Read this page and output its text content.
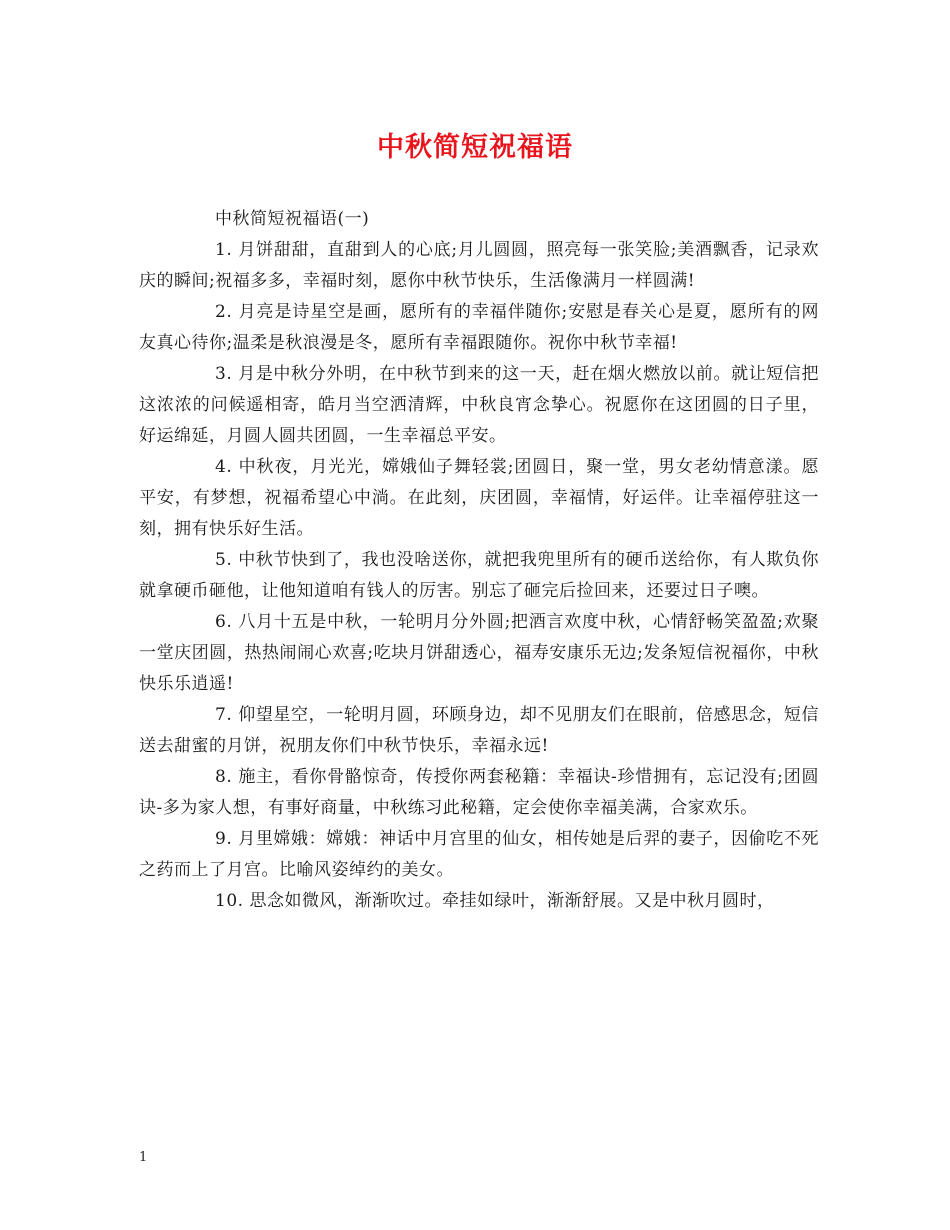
中秋简短祝福语

中秋简短祝福语(一)

1. 月饼甜甜，直甜到人的心底;月儿圆圆，照亮每一张笑脸;美酒飘香，记录欢庆的瞬间;祝福多多，幸福时刻，愿你中秋节快乐，生活像满月一样圆满!

2. 月亮是诗星空是画，愿所有的幸福伴随你;安慰是春关心是夏，愿所有的网友真心待你;温柔是秋浪漫是冬，愿所有幸福跟随你。祝你中秋节幸福!

3. 月是中秋分外明，在中秋节到来的这一天，赶在烟火燃放以前。就让短信把这浓浓的问候遥相寄，皓月当空洒清辉，中秋良宵念挚心。祝愿你在这团圆的日子里，好运绵延，月圆人圆共团圆，一生幸福总平安。

4. 中秋夜，月光光，嫦娥仙子舞轻裳;团圆日，聚一堂，男女老幼情意漾。愿平安，有梦想，祝福希望心中淌。在此刻，庆团圆，幸福情，好运伴。让幸福停驻这一刻，拥有快乐好生活。

5. 中秋节快到了，我也没啥送你，就把我兜里所有的硬币送给你，有人欺负你就拿硬币砸他，让他知道咱有钱人的厉害。别忘了砸完后捡回来，还要过日子噢。

6. 八月十五是中秋，一轮明月分外圆;把酒言欢度中秋，心情舒畅笑盈盈;欢聚一堂庆团圆，热热闹闹心欢喜;吃块月饼甜透心，福寿安康乐无边;发条短信祝福你，中秋快乐乐逍遥!

7. 仰望星空，一轮明月圆，环顾身边，却不见朋友们在眼前，倍感思念，短信送去甜蜜的月饼，祝朋友你们中秋节快乐，幸福永远!

8. 施主，看你骨骼惊奇，传授你两套秘籍：幸福诀-珍惜拥有，忘记没有;团圆诀-多为家人想，有事好商量，中秋练习此秘籍，定会使你幸福美满，合家欢乐。

9. 月里嫦娥：嫦娥：神话中月宫里的仙女，相传她是后羿的妻子，因偷吃不死之药而上了月宫。比喻风姿绰约的美女。

10. 思念如微风，渐渐吹过。牵挂如绿叶，渐渐舒展。又是中秋月圆时，

1
